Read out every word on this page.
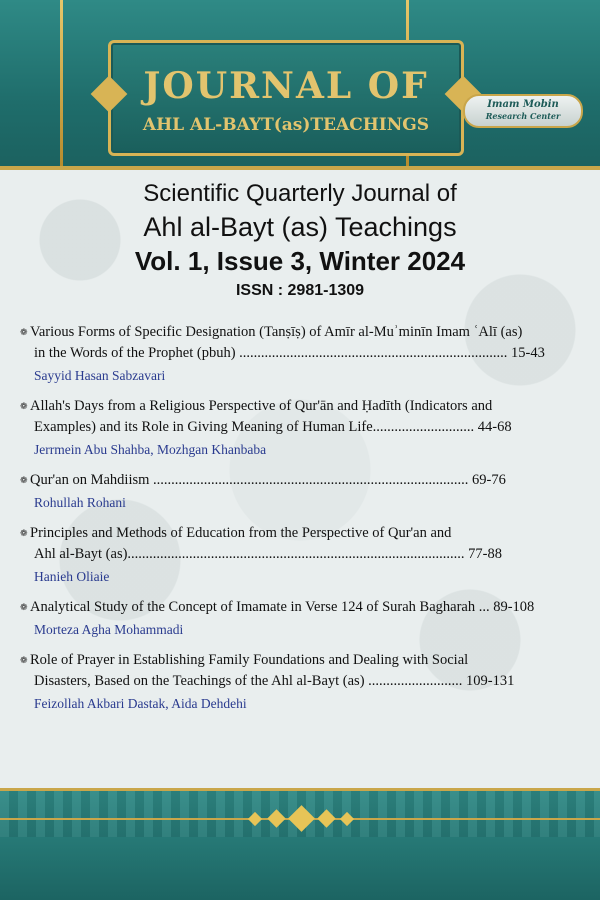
JOURNAL OF
AHL AL-BAYT(as)TEACHINGS
Imam Mobin
Research Center
Scientific Quarterly Journal of
Ahl al-Bayt (as) Teachings
Vol. 1, Issue 3, Winter 2024
ISSN : 2981-1309
❁ Various Forms of Specific Designation (Tanṣīṣ) of Amīr al-Muʾminīn Imam ʿAlī (as)
in the Words of the Prophet (pbuh) .......................................................................... 15-43
Sayyid Hasan Sabzavari
❁ Allah's Days from a Religious Perspective of Qur'ān and Ḥadīth (Indicators and
Examples) and its Role in Giving Meaning of Human Life............................ 44-68
Jerrmein Abu Shahba, Mozhgan Khanbaba
❁ Qur'an on Mahdiism ....................................................................................... 69-76
Rohullah Rohani
❁ Principles and Methods of Education from the Perspective of Qur'an and
Ahl al-Bayt (as)............................................................................................. 77-88
Hanieh Oliaie
❁ Analytical Study of the Concept of Imamate in Verse 124 of Surah Bagharah ... 89-108
Morteza Agha Mohammadi
❁ Role of Prayer in Establishing Family Foundations and Dealing with Social
Disasters, Based on the Teachings of the Ahl al-Bayt (as) .......................... 109-131
Feizollah Akbari Dastak, Aida Dehdehi
